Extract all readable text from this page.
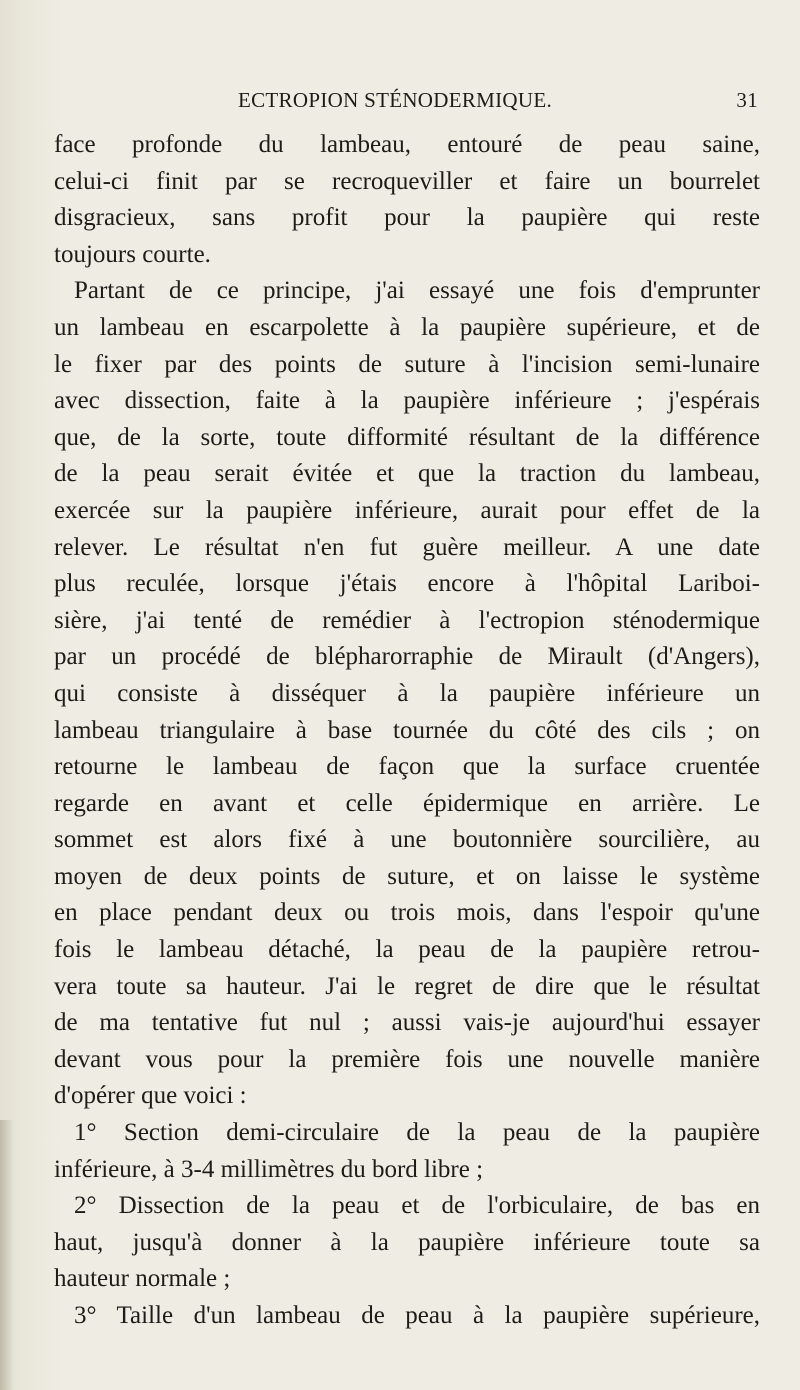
ECTROPION STÉNODERMIQUE.	31
face profonde du lambeau, entouré de peau saine,
celui-ci finit par se recroqueviller et faire un bourrelet
disgracieux, sans profit pour la paupière qui reste
toujours courte.
Partant de ce principe, j'ai essayé une fois d'emprunter
un lambeau en escarpolette à la paupière supérieure, et de
le fixer par des points de suture à l'incision semi-lunaire
avec dissection, faite à la paupière inférieure ; j'espérais
que, de la sorte, toute difformité résultant de la différence
de la peau serait évitée et que la traction du lambeau,
exercée sur la paupière inférieure, aurait pour effet de la
relever. Le résultat n'en fut guère meilleur. A une date
plus reculée, lorsque j'étais encore à l'hôpital Lariboi-
sière, j'ai tenté de remédier à l'ectropion sténodermique
par un procédé de blépharorraphie de Mirault (d'Angers),
qui consiste à disséquer à la paupière inférieure un
lambeau triangulaire à base tournée du côté des cils ; on
retourne le lambeau de façon que la surface cruentée
regarde en avant et celle épidermique en arrière. Le
sommet est alors fixé à une boutonnière sourcilière, au
moyen de deux points de suture, et on laisse le système
en place pendant deux ou trois mois, dans l'espoir qu'une
fois le lambeau détaché, la peau de la paupière retrou-
vera toute sa hauteur. J'ai le regret de dire que le résultat
de ma tentative fut nul ; aussi vais-je aujourd'hui essayer
devant vous pour la première fois une nouvelle manière
d'opérer que voici :
1° Section demi-circulaire de la peau de la paupière
inférieure, à 3-4 millimètres du bord libre ;
2° Dissection de la peau et de l'orbiculaire, de bas en
haut, jusqu'à donner à la paupière inférieure toute sa
hauteur normale ;
3° Taille d'un lambeau de peau à la paupière supérieure,
